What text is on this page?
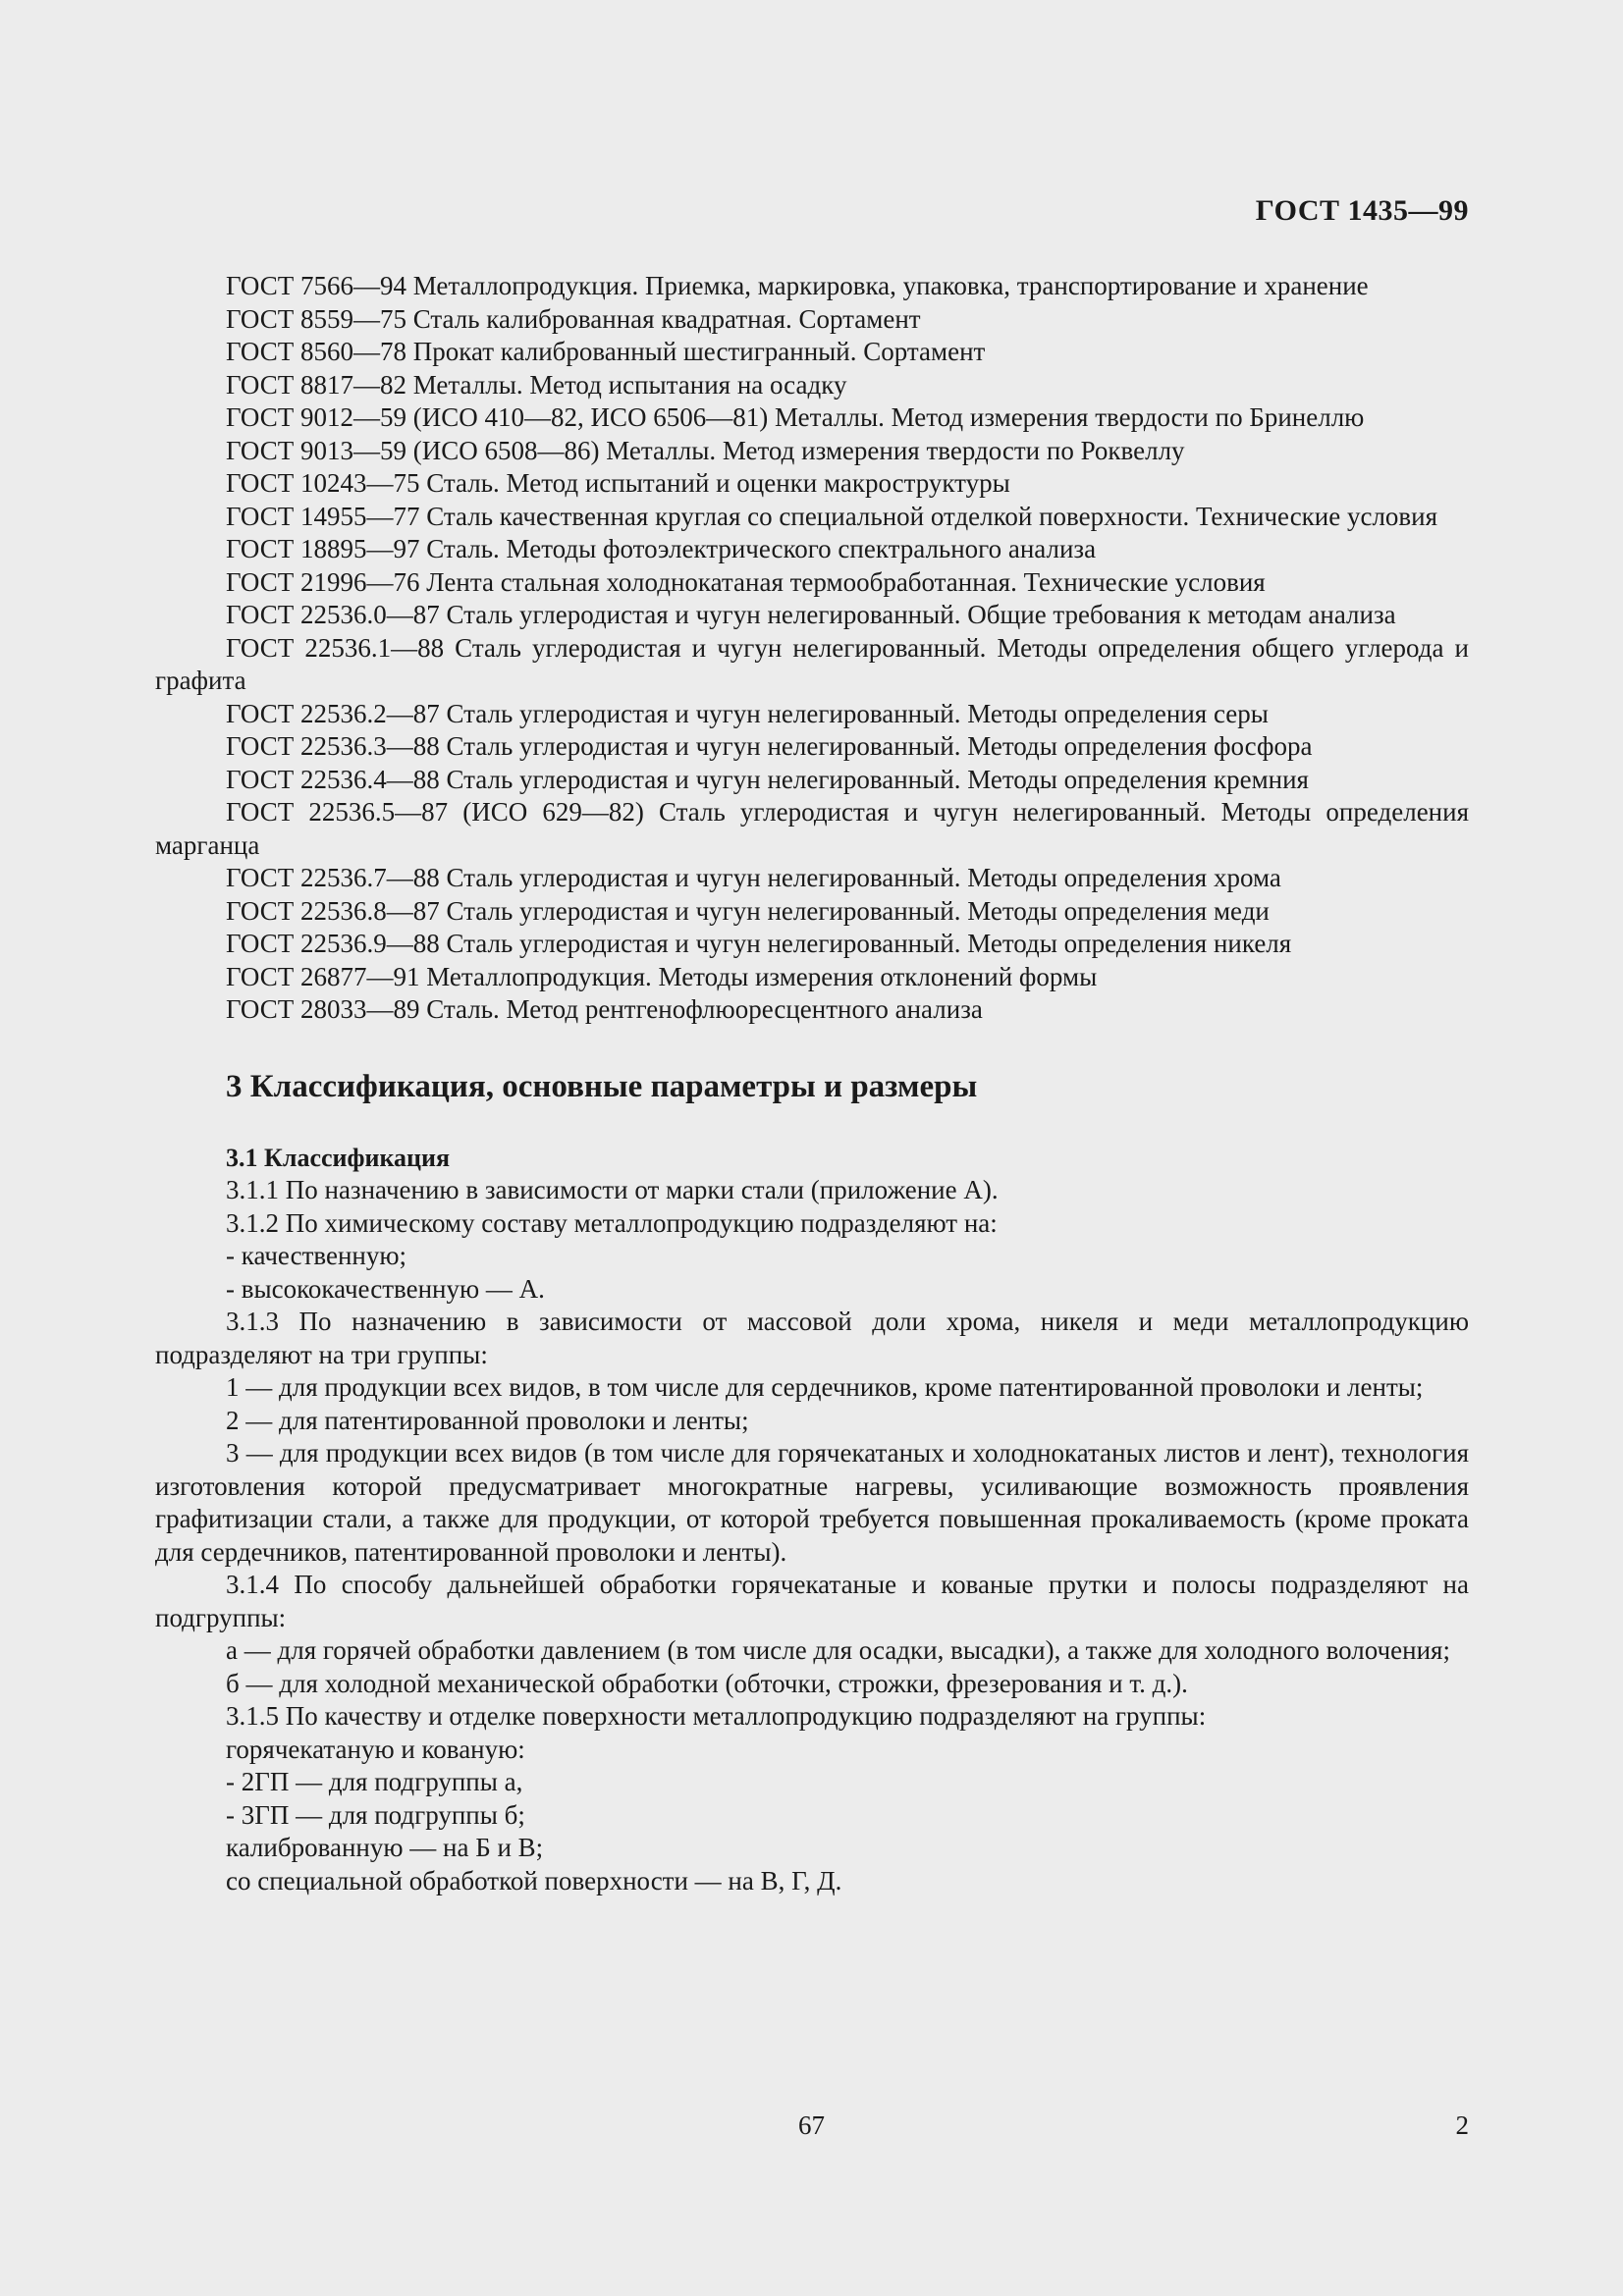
ГОСТ 1435—99

ГОСТ 7566—94 Металлопродукция. Приемка, маркировка, упаковка, транспортирование и хранение

ГОСТ 8559—75 Сталь калиброванная квадратная. Сортамент

ГОСТ 8560—78 Прокат калиброванный шестигранный. Сортамент

ГОСТ 8817—82 Металлы. Метод испытания на осадку

ГОСТ 9012—59 (ИСО 410—82, ИСО 6506—81) Металлы. Метод измерения твердости по Бринеллю

ГОСТ 9013—59 (ИСО 6508—86) Металлы. Метод измерения твердости по Роквеллу

ГОСТ 10243—75 Сталь. Метод испытаний и оценки макроструктуры

ГОСТ 14955—77 Сталь качественная круглая со специальной отделкой поверхности. Технические условия

ГОСТ 18895—97 Сталь. Методы фотоэлектрического спектрального анализа

ГОСТ 21996—76 Лента стальная холоднокатаная термообработанная. Технические условия

ГОСТ 22536.0—87 Сталь углеродистая и чугун нелегированный. Общие требования к методам анализа

ГОСТ 22536.1—88 Сталь углеродистая и чугун нелегированный. Методы определения общего углерода и графита

ГОСТ 22536.2—87 Сталь углеродистая и чугун нелегированный. Методы определения серы

ГОСТ 22536.3—88 Сталь углеродистая и чугун нелегированный. Методы определения фосфора

ГОСТ 22536.4—88 Сталь углеродистая и чугун нелегированный. Методы определения кремния

ГОСТ 22536.5—87 (ИСО 629—82) Сталь углеродистая и чугун нелегированный. Методы определения марганца

ГОСТ 22536.7—88 Сталь углеродистая и чугун нелегированный. Методы определения хрома

ГОСТ 22536.8—87 Сталь углеродистая и чугун нелегированный. Методы определения меди

ГОСТ 22536.9—88 Сталь углеродистая и чугун нелегированный. Методы определения никеля

ГОСТ 26877—91 Металлопродукция. Методы измерения отклонений формы

ГОСТ 28033—89 Сталь. Метод рентгенофлюоресцентного анализа

3 Классификация, основные параметры и размеры
3.1 Классификация

3.1.1 По назначению в зависимости от марки стали (приложение А).

3.1.2 По химическому составу металлопродукцию подразделяют на:

- качественную;

- высококачественную — А.

3.1.3 По назначению в зависимости от массовой доли хрома, никеля и меди металлопродукцию подразделяют на три группы:

1 — для продукции всех видов, в том числе для сердечников, кроме патентированной проволоки и ленты;

2 — для патентированной проволоки и ленты;

3 — для продукции всех видов (в том числе для горячекатаных и холоднокатаных листов и лент), технология изготовления которой предусматривает многократные нагревы, усиливающие возможность проявления графитизации стали, а также для продукции, от которой требуется повышенная прокаливаемость (кроме проката для сердечников, патентированной проволоки и ленты).

3.1.4 По способу дальнейшей обработки горячекатаные и кованые прутки и полосы подразделяют на подгруппы:

а — для горячей обработки давлением (в том числе для осадки, высадки), а также для холодного волочения;

б — для холодной механической обработки (обточки, строжки, фрезерования и т. д.).

3.1.5 По качеству и отделке поверхности металлопродукцию подразделяют на группы:

горячекатаную и кованую:

- 2ГП — для подгруппы а,

- 3ГП — для подгруппы б;

калиброванную — на Б и В;

со специальной обработкой поверхности — на В, Г, Д.

67	2
